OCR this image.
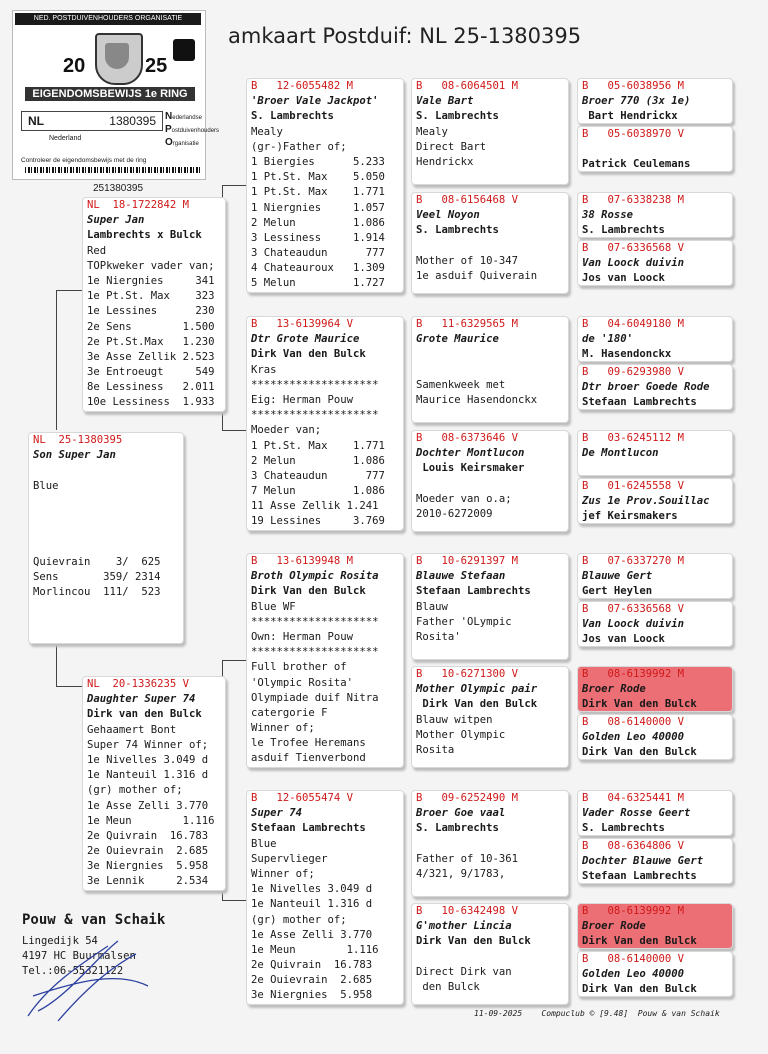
amkaart Postduif: NL 25-1380395
NED. POSTDUIVENHOUDERS ORGANISATIE
20	25
EIGENDOMSBEWIJS 1e RING
NL	1380395 Nederlandse
Postduivenhouders
Organisatie
Nederland
Controleer de eigendomsbewijs met de ring
251380395
NL  25-1380395
Son Super Jan
Blue
Quievrain    3/  625
Sens       359/ 2314
Morlincou  111/  523
NL  18-1722842 M
Super Jan
Lambrechts x Bulck
Red
TOPkweker vader van;
1e Niergnies     341
1e Pt.St. Max    323
1e Lessines      230
2e Sens        1.500
2e Pt.St.Max   1.230
3e Asse Zellik 2.523
3e Entroeugt     549
8e Lessiness   2.011
10e Lessiness  1.933
NL  20-1336235 V
Daughter Super 74
Dirk van den Bulck
Gehaamert Bont
Super 74 Winner of;
1e Nivelles 3.049 d
1e Nanteuil 1.316 d
(gr) mother of;
1e Asse Zelli 3.770
1e Meun        1.116
2e Quivrain  16.783
2e Ouievrain  2.685
3e Niergnies  5.958
3e Lennik     2.534
B   12-6055482 M
'Broer Vale Jackpot'
S. Lambrechts
Mealy
(gr-)Father of;
1 Biergies      5.233
1 Pt.St. Max    5.050
1 Pt.St. Max    1.771
1 Niergnies     1.057
2 Melun         1.086
3 Lessiness     1.914
3 Chateaudun      777
4 Chateauroux   1.309
5 Melun         1.727
B   13-6139964 V
Dtr Grote Maurice
Dirk Van den Bulck
Kras
********************
Eig: Herman Pouw
********************
Moeder van;
1 Pt.St. Max    1.771
2 Melun         1.086
3 Chateaudun      777
7 Melun         1.086
11 Asse Zellik 1.241
19 Lessines     3.769
B   13-6139948 M
Broth Olympic Rosita
Dirk Van den Bulck
Blue WF
********************
Own: Herman Pouw
********************
Full brother of
'Olympic Rosita'
Olympiade duif Nitra
catergorie F
Winner of;
le Trofee Heremans
asduif Tienverbond
B   12-6055474 V
Super 74
Stefaan Lambrechts
Blue
Supervlieger
Winner of;
1e Nivelles 3.049 d
1e Nanteuil 1.316 d
(gr) mother of;
1e Asse Zelli 3.770
1e Meun        1.116
2e Quivrain  16.783
2e Ouievrain  2.685
3e Niergnies  5.958
B   08-6064501 M
Vale Bart
S. Lambrechts
Mealy
Direct Bart
Hendrickx
B   08-6156468 V
Veel Noyon
S. Lambrechts
Mother of 10-347
1e asduif Quiverain
B   11-6329565 M
Grote Maurice
Samenkweek met
Maurice Hasendonckx
B   08-6373646 V
Dochter Montlucon
Louis Keirsmaker
Moeder van o.a;
2010-6272009
B   10-6291397 M
Blauwe Stefaan
Stefaan Lambrechts
Blauw
Father 'OLympic
Rosita'
B   10-6271300 V
Mother Olympic pair
Dirk Van den Bulck
Blauw witpen
Mother Olympic
Rosita
B   09-6252490 M
Broer Goe vaal
S. Lambrechts
Father of 10-361
4/321, 9/1783,
B   10-6342498 V
G'mother Lincia
Dirk Van den Bulck
Direct Dirk van
den Bulck
B   05-6038956 M
Broer 770 (3x 1e)
Bart Hendrickx
B   05-6038970 V
Patrick Ceulemans
B   07-6338238 M
38 Rosse
S. Lambrechts
B   07-6336568 V
Van Loock duivin
Jos van Loock
B   04-6049180 M
de '180'
M. Hasendonckx
B   09-6293980 V
Dtr broer Goede Rode
Stefaan Lambrechts
B   03-6245112 M
De Montlucon
B   01-6245558 V
Zus 1e Prov.Souillac
jef Keirsmakers
B   07-6337270 M
Blauwe Gert
Gert Heylen
B   07-6336568 V
Van Loock duivin
Jos van Loock
B   08-6139992 M
Broer Rode
Dirk Van den Bulck
B   08-6140000 V
Golden Leo 40000
Dirk Van den Bulck
B   04-6325441 M
Vader Rosse Geert
S. Lambrechts
B   08-6364806 V
Dochter Blauwe Gert
Stefaan Lambrechts
B   08-6139992 M
Broer Rode
Dirk Van den Bulck
B   08-6140000 V
Golden Leo 40000
Dirk Van den Bulck
Pouw & van Schaik
Lingedijk 54
4197 HC Buurmalsen
Tel.:06-55321122
11-09-2025    Compuclub © [9.48]  Pouw & van Schaik
